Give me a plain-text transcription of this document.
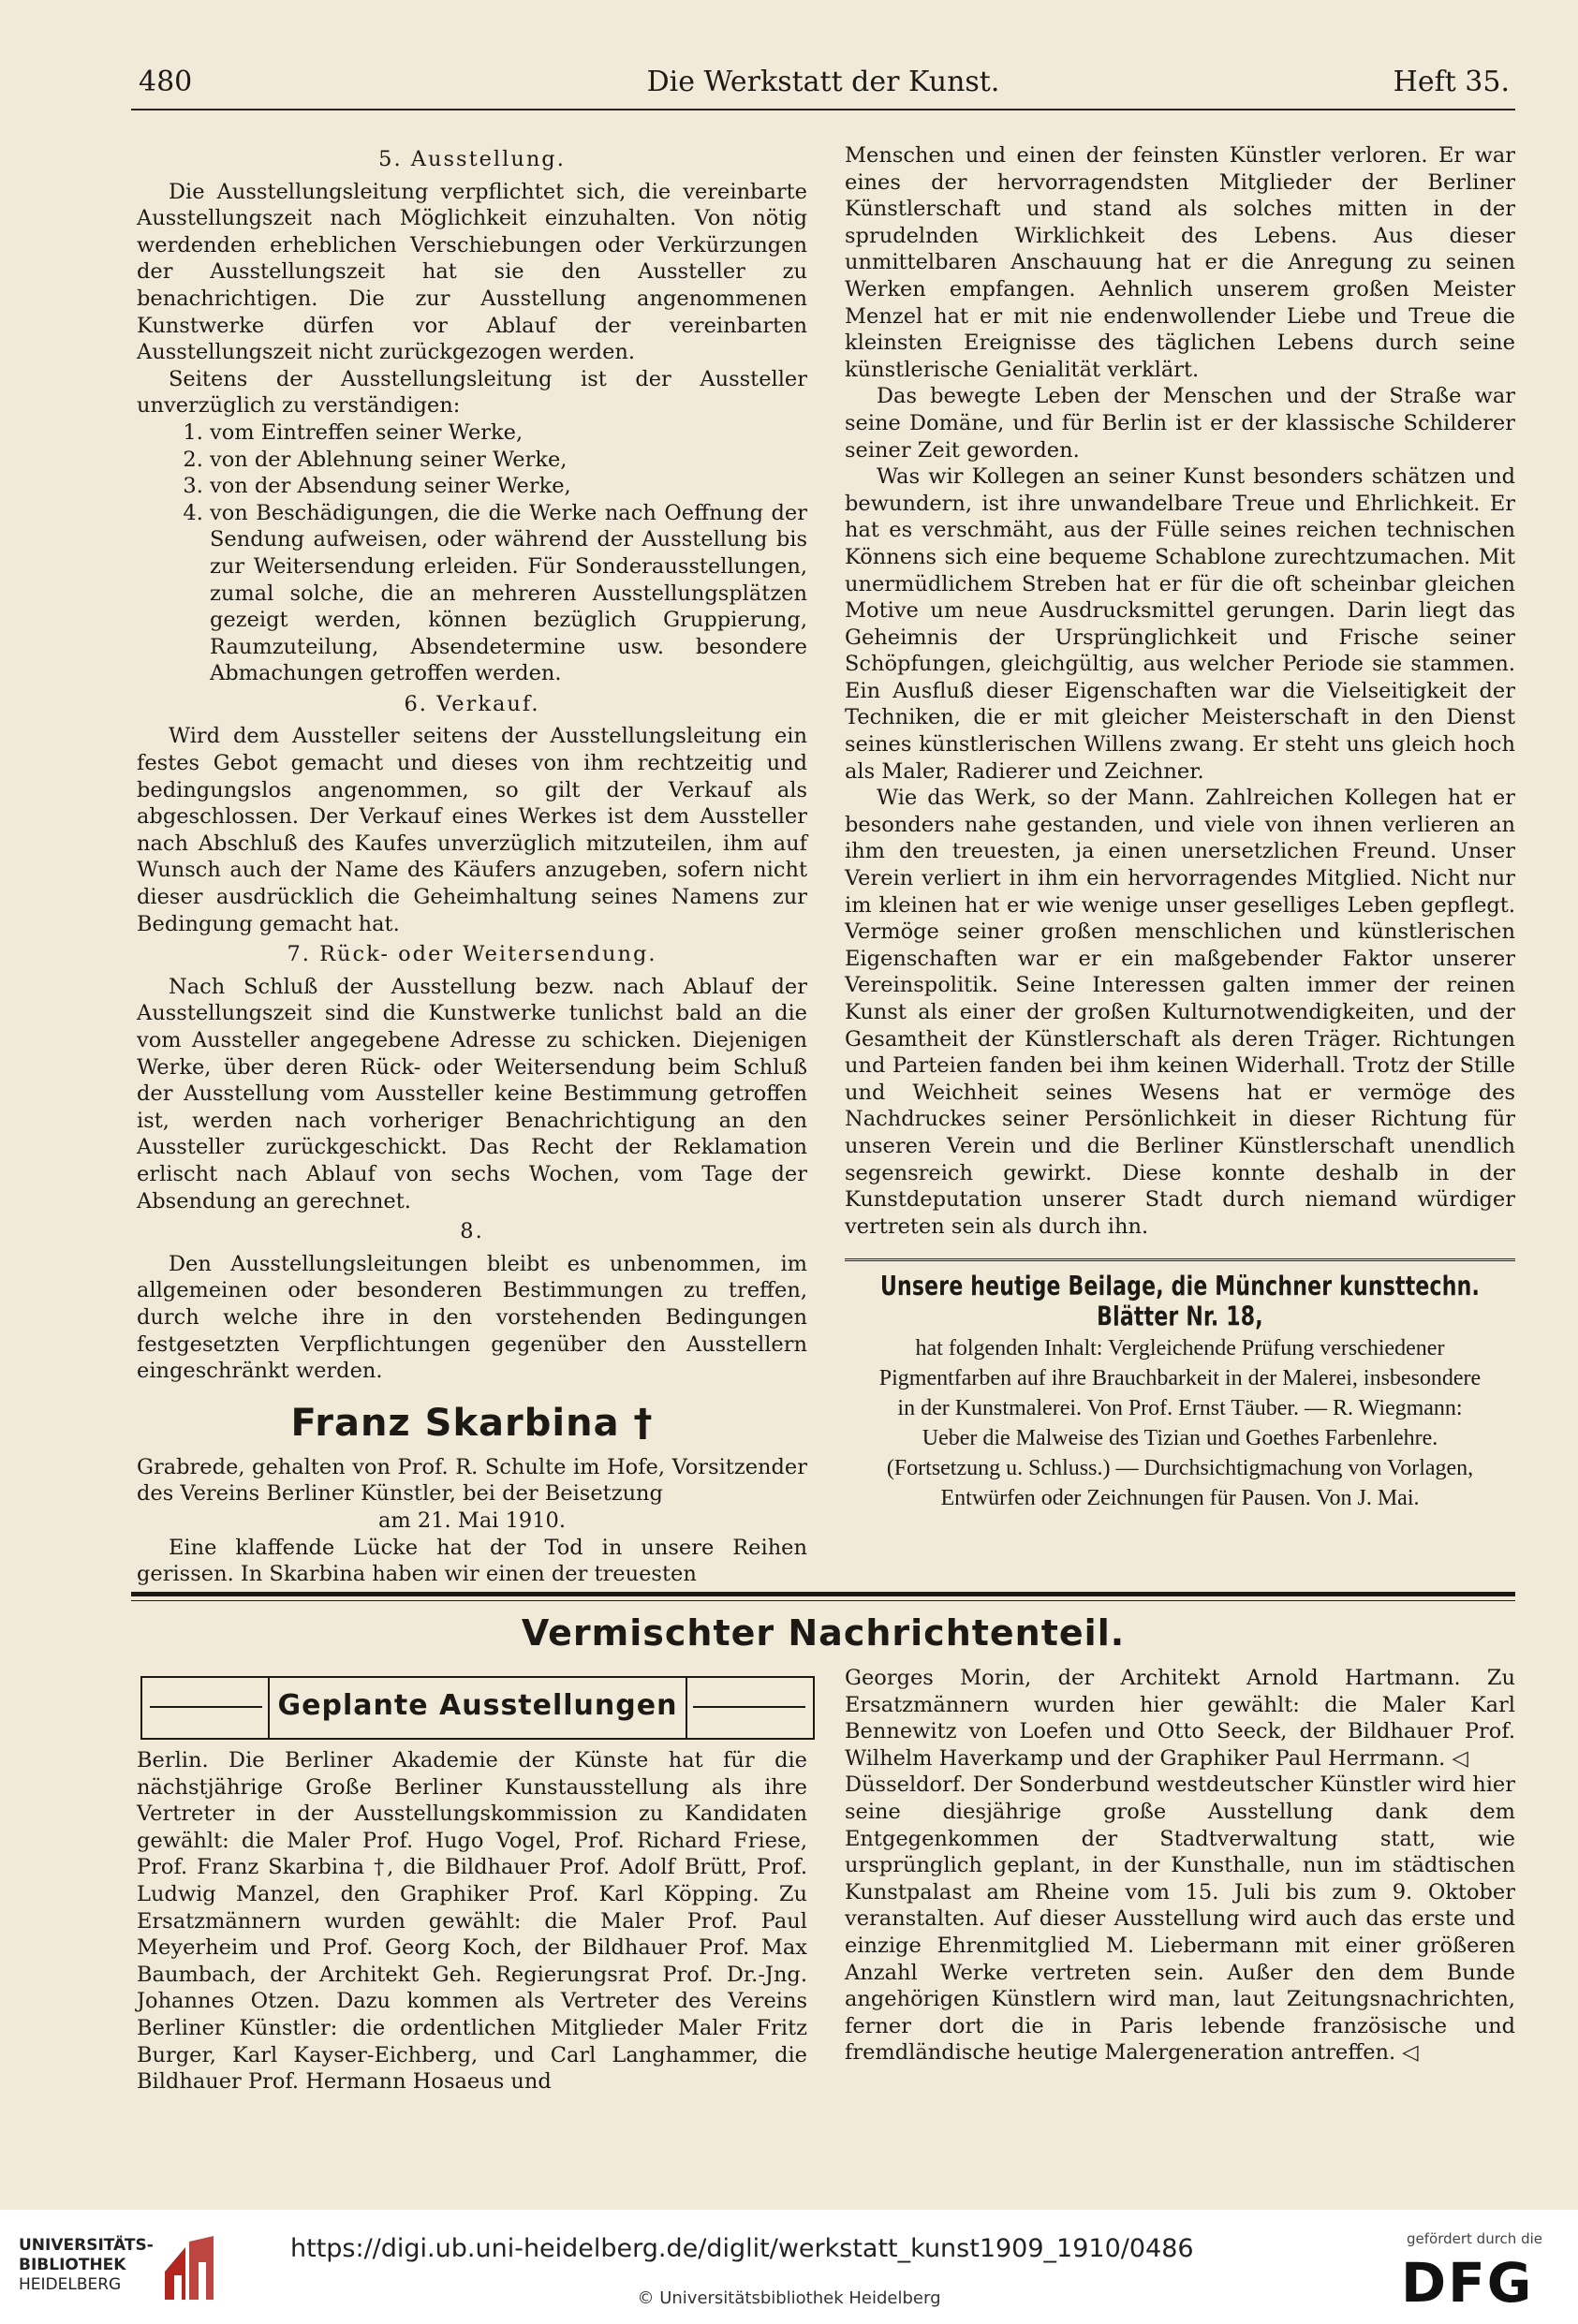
480	Die Werkstatt der Kunst.	Heft 35.
5. Ausstellung.

Die Ausstellungsleitung verpflichtet sich, die vereinbarte Ausstellungszeit nach Möglichkeit einzuhalten. Von nötig werdenden erheblichen Verschiebungen oder Verkürzungen der Ausstellungszeit hat sie den Aussteller zu benachrichtigen. Die zur Ausstellung angenommenen Kunstwerke dürfen vor Ablauf der vereinbarten Ausstellungszeit nicht zurückgezogen werden.

Seitens der Ausstellungsleitung ist der Aussteller unverzüglich zu verständigen:

1. vom Eintreffen seiner Werke,
2. von der Ablehnung seiner Werke,
3. von der Absendung seiner Werke,
4. von Beschädigungen, die die Werke nach Oeffnung der Sendung aufweisen, oder während der Ausstellung bis zur Weitersendung erleiden. Für Sonderausstellungen, zumal solche, die an mehreren Ausstellungsplätzen gezeigt werden, können bezüglich Gruppierung, Raumzuteilung, Absendetermine usw. besondere Abmachungen getroffen werden.
6. Verkauf.

Wird dem Aussteller seitens der Ausstellungsleitung ein festes Gebot gemacht und dieses von ihm rechtzeitig und bedingungslos angenommen, so gilt der Verkauf als abgeschlossen. Der Verkauf eines Werkes ist dem Aussteller nach Abschluß des Kaufes unverzüglich mitzuteilen, ihm auf Wunsch auch der Name des Käufers anzugeben, sofern nicht dieser ausdrücklich die Geheimhaltung seines Namens zur Bedingung gemacht hat.

7. Rück- oder Weitersendung.

Nach Schluß der Ausstellung bezw. nach Ablauf der Ausstellungszeit sind die Kunstwerke tunlichst bald an die vom Aussteller angegebene Adresse zu schicken. Diejenigen Werke, über deren Rück- oder Weitersendung beim Schluß der Ausstellung vom Aussteller keine Bestimmung getroffen ist, werden nach vorheriger Benachrichtigung an den Aussteller zurückgeschickt. Das Recht der Reklamation erlischt nach Ablauf von sechs Wochen, vom Tage der Absendung an gerechnet.

8.

Den Ausstellungsleitungen bleibt es unbenommen, im allgemeinen oder besonderen Bestimmungen zu treffen, durch welche ihre in den vorstehenden Bedingungen festgesetzten Verpflichtungen gegenüber den Ausstellern eingeschränkt werden.

Franz Skarbina †

Grabrede, gehalten von Prof. R. Schulte im Hofe, Vorsitzender des Vereins Berliner Künstler, bei der Beisetzung

am 21. Mai 1910.

Eine klaffende Lücke hat der Tod in unsere Reihen gerissen. In Skarbina haben wir einen der treuesten

Menschen und einen der feinsten Künstler verloren. Er war eines der hervorragendsten Mitglieder der Berliner Künstlerschaft und stand als solches mitten in der sprudelnden Wirklichkeit des Lebens. Aus dieser unmittelbaren Anschauung hat er die Anregung zu seinen Werken empfangen. Aehnlich unserem großen Meister Menzel hat er mit nie endenwollender Liebe und Treue die kleinsten Ereignisse des täglichen Lebens durch seine künstlerische Genialität verklärt.

Das bewegte Leben der Menschen und der Straße war seine Domäne, und für Berlin ist er der klassische Schilderer seiner Zeit geworden.

Was wir Kollegen an seiner Kunst besonders schätzen und bewundern, ist ihre unwandelbare Treue und Ehrlichkeit. Er hat es verschmäht, aus der Fülle seines reichen technischen Könnens sich eine bequeme Schablone zurechtzumachen. Mit unermüdlichem Streben hat er für die oft scheinbar gleichen Motive um neue Ausdrucksmittel gerungen. Darin liegt das Geheimnis der Ursprünglichkeit und Frische seiner Schöpfungen, gleichgültig, aus welcher Periode sie stammen. Ein Ausfluß dieser Eigenschaften war die Vielseitigkeit der Techniken, die er mit gleicher Meisterschaft in den Dienst seines künstlerischen Willens zwang. Er steht uns gleich hoch als Maler, Radierer und Zeichner.

Wie das Werk, so der Mann. Zahlreichen Kollegen hat er besonders nahe gestanden, und viele von ihnen verlieren an ihm den treuesten, ja einen unersetzlichen Freund. Unser Verein verliert in ihm ein hervorragendes Mitglied. Nicht nur im kleinen hat er wie wenige unser geselliges Leben gepflegt. Vermöge seiner großen menschlichen und künstlerischen Eigenschaften war er ein maßgebender Faktor unserer Vereinspolitik. Seine Interessen galten immer der reinen Kunst als einer der großen Kulturnotwendigkeiten, und der Gesamtheit der Künstlerschaft als deren Träger. Richtungen und Parteien fanden bei ihm keinen Widerhall. Trotz der Stille und Weichheit seines Wesens hat er vermöge des Nachdruckes seiner Persönlichkeit in dieser Richtung für unseren Verein und die Berliner Künstlerschaft unendlich segensreich gewirkt. Diese konnte deshalb in der Kunstdeputation unserer Stadt durch niemand würdiger vertreten sein als durch ihn.

Unsere heutige Beilage, die Münchner kunsttechn. Blätter Nr. 18,
hat folgenden Inhalt: Vergleichende Prüfung verschiedener Pigmentfarben auf ihre Brauchbarkeit in der Malerei, insbesondere in der Kunstmalerei. Von Prof. Ernst Täuber. — R. Wiegmann: Ueber die Malweise des Tizian und Goethes Farbenlehre. (Fortsetzung u. Schluss.) — Durchsichtigmachung von Vorlagen, Entwürfen oder Zeichnungen für Pausen. Von J. Mai.
Vermischter Nachrichtenteil.
Geplante Ausstellungen

Berlin. Die Berliner Akademie der Künste hat für die nächstjährige Große Berliner Kunstausstellung als ihre Vertreter in der Ausstellungskommission zu Kandidaten gewählt: die Maler Prof. Hugo Vogel, Prof. Richard Friese, Prof. Franz Skarbina †, die Bildhauer Prof. Adolf Brütt, Prof. Ludwig Manzel, den Graphiker Prof. Karl Köpping. Zu Ersatzmännern wurden gewählt: die Maler Prof. Paul Meyerheim und Prof. Georg Koch, der Bildhauer Prof. Max Baumbach, der Architekt Geh. Regierungsrat Prof. Dr.-Jng. Johannes Otzen. Dazu kommen als Vertreter des Vereins Berliner Künstler: die ordentlichen Mitglieder Maler Fritz Burger, Karl Kayser-Eichberg, und Carl Langhammer, die Bildhauer Prof. Hermann Hosaeus und

Georges Morin, der Architekt Arnold Hartmann. Zu Ersatzmännern wurden hier gewählt: die Maler Karl Bennewitz von Loefen und Otto Seeck, der Bildhauer Prof. Wilhelm Haverkamp und der Graphiker Paul Herrmann. ◁

Düsseldorf. Der Sonderbund westdeutscher Künstler wird hier seine diesjährige große Ausstellung dank dem Entgegenkommen der Stadtverwaltung statt, wie ursprünglich geplant, in der Kunsthalle, nun im städtischen Kunstpalast am Rheine vom 15. Juli bis zum 9. Oktober veranstalten. Auf dieser Ausstellung wird auch das erste und einzige Ehrenmitglied M. Liebermann mit einer größeren Anzahl Werke vertreten sein. Außer den dem Bunde angehörigen Künstlern wird man, laut Zeitungsnachrichten, ferner dort die in Paris lebende französische und fremdländische heutige Malergeneration antreffen. ◁

UNIVERSITÄTS-
BIBLIOTHEK
HEIDELBERG
https://digi.ub.uni-heidelberg.de/diglit/werkstatt_kunst1909_1910/0486
© Universitätsbibliothek Heidelberg
gefördert durch die
DFG
